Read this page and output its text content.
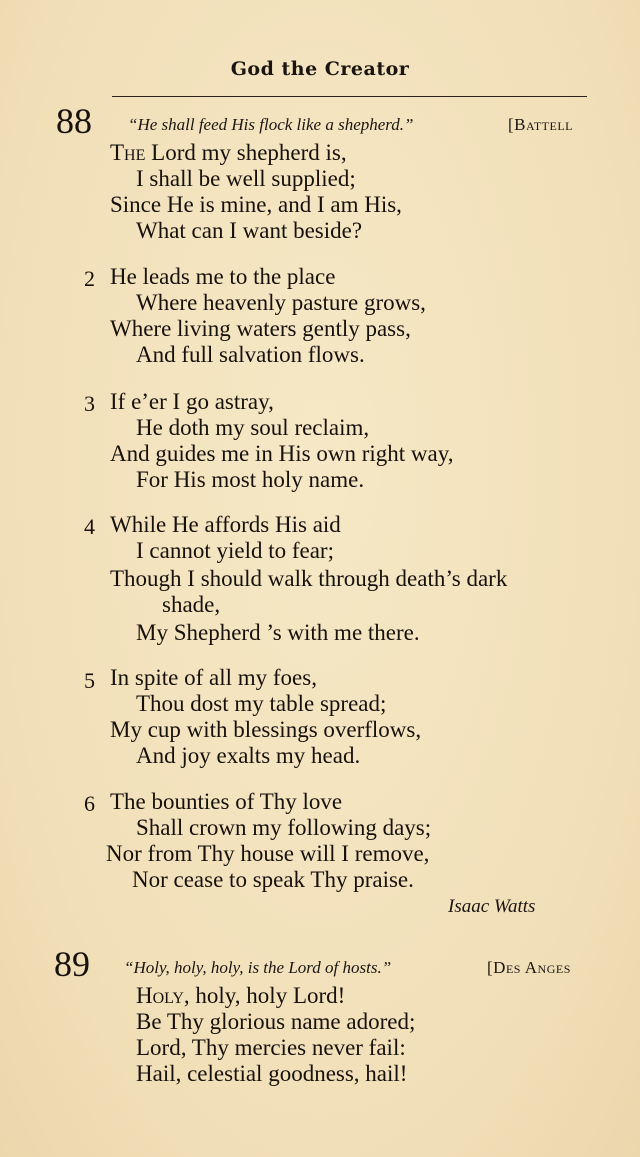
God the Creator
88 “He shall feed His flock like a shepherd.”	[Battell
The Lord my shepherd is,
I shall be well supplied;
Since He is mine, and I am His,
What can I want beside?
2 He leads me to the place
Where heavenly pasture grows,
Where living waters gently pass,
And full salvation flows.
3 If e’er I go astray,
He doth my soul reclaim,
And guides me in His own right way,
For His most holy name.
4 While He affords His aid
I cannot yield to fear;
Though I should walk through death’s dark
shade,
My Shepherd ’s with me there.
5 In spite of all my foes,
Thou dost my table spread;
My cup with blessings overflows,
And joy exalts my head.
6 The bounties of Thy love
Shall crown my following days;
Nor from Thy house will I remove,
Nor cease to speak Thy praise.
Isaac Watts
89 “Holy, holy, holy, is the Lord of hosts.”	[Des Anges
Holy, holy, holy Lord!
Be Thy glorious name adored;
Lord, Thy mercies never fail:
Hail, celestial goodness, hail!
